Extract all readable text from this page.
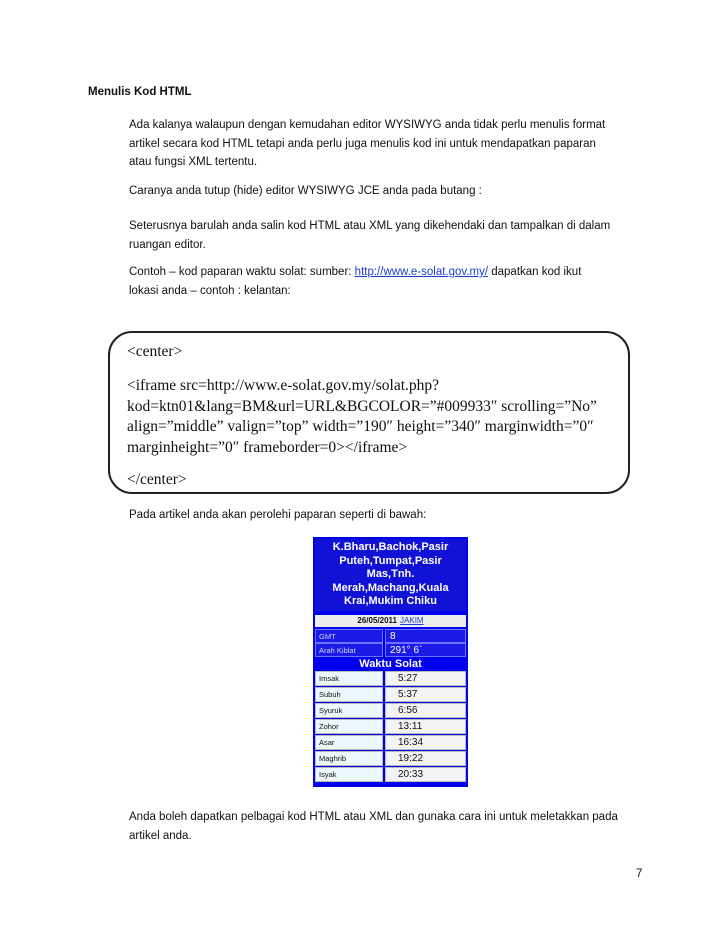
Menulis Kod HTML
Ada kalanya walaupun dengan kemudahan editor WYSIWYG anda tidak perlu menulis format
artikel secara kod HTML tetapi anda perlu juga menulis kod ini untuk mendapatkan paparan
atau fungsi XML tertentu.
Caranya anda tutup (hide) editor WYSIWYG JCE anda pada butang :
Seterusnya barulah anda salin kod HTML atau XML yang dikehendaki dan tampalkan di dalam
ruangan editor.
Contoh – kod paparan waktu solat: sumber: http://www.e-solat.gov.my/ dapatkan kod ikut
lokasi anda – contoh : kelantan:
<center>
<iframe src=http://www.e-solat.gov.my/solat.php?
kod=ktn01&lang=BM&url=URL&BGCOLOR=”#009933″ scrolling=”No”
align=”middle” valign=”top” width=”190″ height=”340″ marginwidth=”0″
marginheight=”0″ frameborder=0></iframe>
</center>
Pada artikel anda akan perolehi paparan seperti di bawah:
K.Bharu,Bachok,Pasir Puteh,Tumpat,Pasir Mas,Tnh. Merah,Machang,Kuala Krai,Mukim Chiku
26/05/2011 JAKIM
GMT	8
Arah Kiblat	291° 6`
Waktu Solat
Imsak	5:27
Subuh	5:37
Syuruk	6:56
Zohor	13:11
Asar	16:34
Maghrib	19:22
Isyak	20:33
Anda boleh dapatkan pelbagai kod HTML atau XML dan gunaka cara ini untuk meletakkan pada
artikel anda.
7
